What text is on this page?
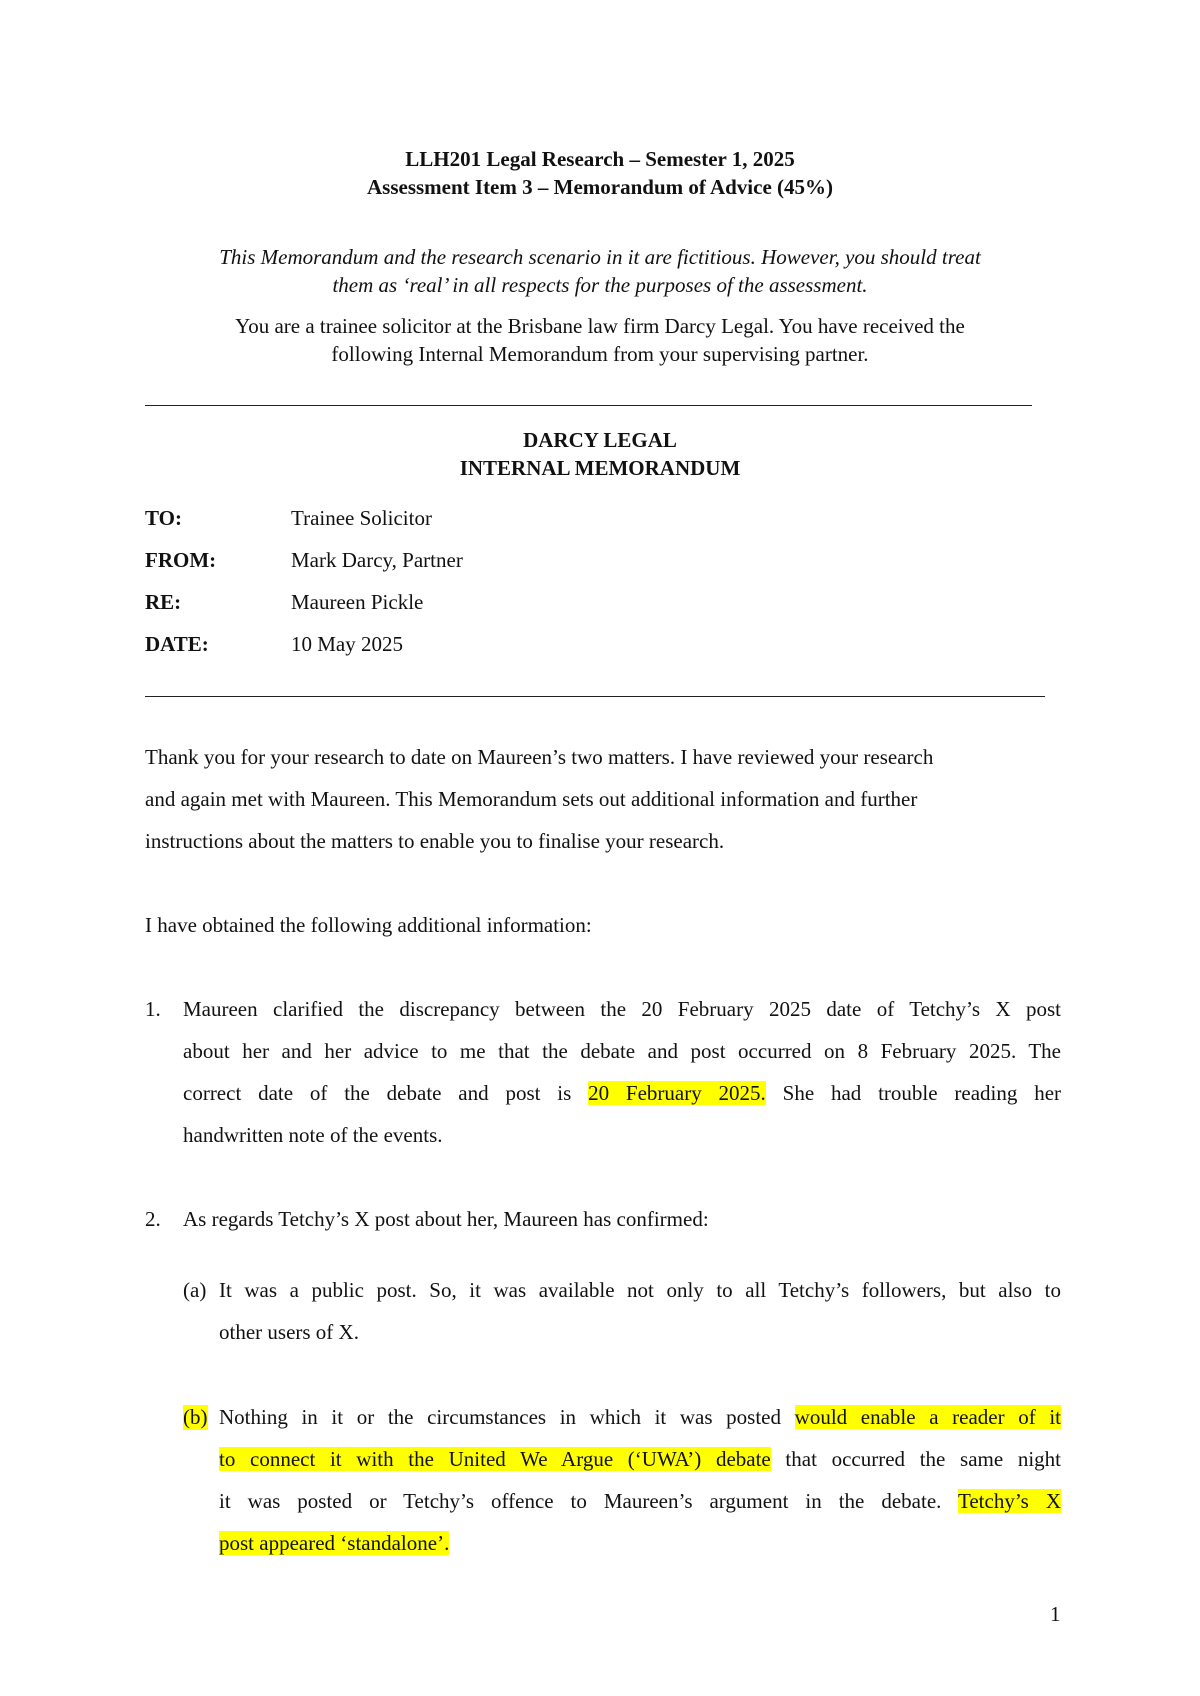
LLH201 Legal Research – Semester 1, 2025
Assessment Item 3 – Memorandum of Advice (45%)
This Memorandum and the research scenario in it are fictitious. However, you should treat
them as ‘real’ in all respects for the purposes of the assessment.
You are a trainee solicitor at the Brisbane law firm Darcy Legal. You have received the
following Internal Memorandum from your supervising partner.
DARCY LEGAL
INTERNAL MEMORANDUM
TO:	Trainee Solicitor
FROM:	Mark Darcy, Partner
RE:	Maureen Pickle
DATE:	10 May 2025
Thank you for your research to date on Maureen’s two matters. I have reviewed your research
and again met with Maureen. This Memorandum sets out additional information and further
instructions about the matters to enable you to finalise your research.
I have obtained the following additional information:
1. Maureen clarified the discrepancy between the 20 February 2025 date of Tetchy’s X post
about her and her advice to me that the debate and post occurred on 8 February 2025. The
correct date of the debate and post is 20 February 2025. She had trouble reading her
handwritten note of the events.
2. As regards Tetchy’s X post about her, Maureen has confirmed:
(a) It was a public post. So, it was available not only to all Tetchy’s followers, but also to
other users of X.
(b) Nothing in it or the circumstances in which it was posted would enable a reader of it
to connect it with the United We Argue (‘UWA’) debate that occurred the same night
it was posted or Tetchy’s offence to Maureen’s argument in the debate. Tetchy’s X
post appeared ‘standalone’.
1
